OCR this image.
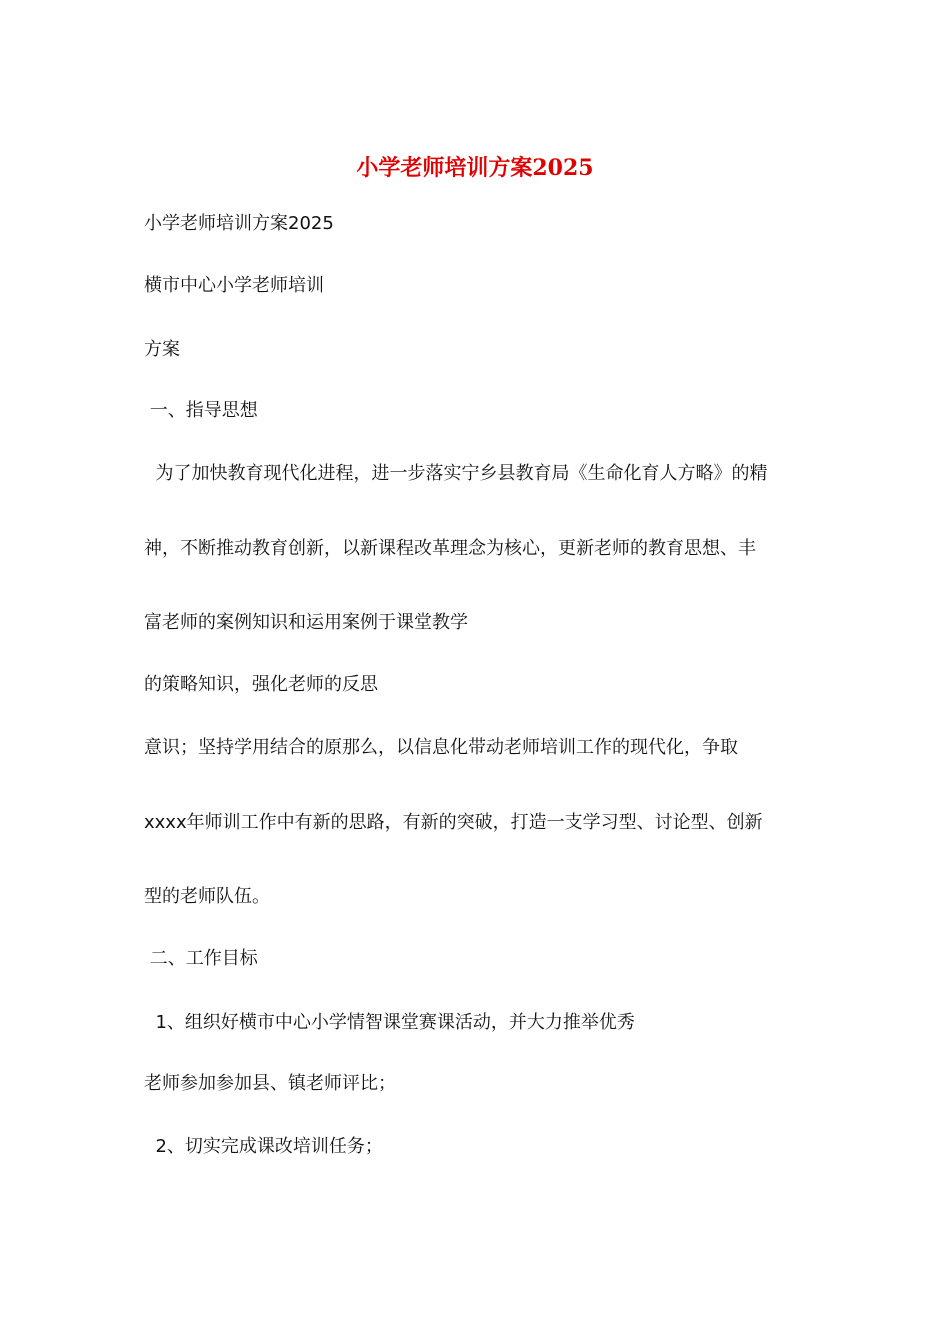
小学老师培训方案2025
小学老师培训方案2025
横市中心小学老师培训
方案
一、指导思想
为了加快教育现代化进程，进一步落实宁乡县教育局《生命化育人方略》的精
神，不断推动教育创新，以新课程改革理念为核心，更新老师的教育思想、丰
富老师的案例知识和运用案例于课堂教学
的策略知识，强化老师的反思
意识；坚持学用结合的原那么，以信息化带动老师培训工作的现代化，争取
xxxx年师训工作中有新的思路，有新的突破，打造一支学习型、讨论型、创新
型的老师队伍。
二、工作目标
1、组织好横市中心小学情智课堂赛课活动，并大力推举优秀
老师参加参加县、镇老师评比；
2、切实完成课改培训任务；
